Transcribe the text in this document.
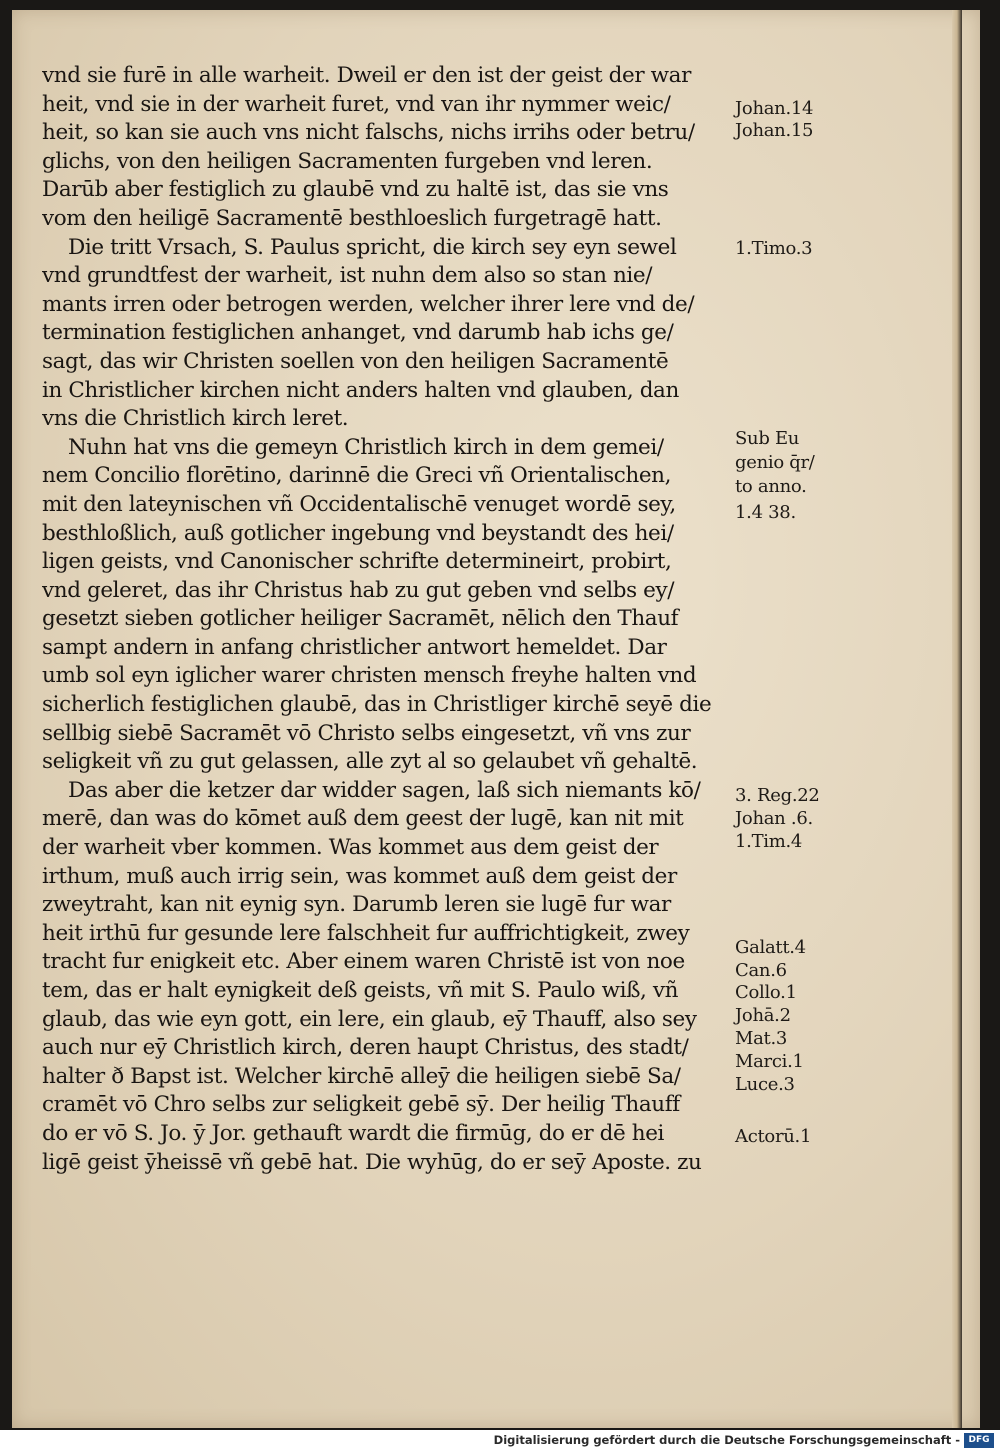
vnd sie furē in alle warheit. Dweil er den ist der geist der war
heit, vnd sie in der warheit furet, vnd van ihr nymmer weic/
heit, so kan sie auch vns nicht falschs, nichs irrihs oder betru/
glichs, von den heiligen Sacramenten furgeben vnd leren.
Darūb aber festiglich zu glaubē vnd zu haltē ist, das sie vns
vom den heiligē Sacramentē besthloeslich furgetragē hatt.
Die tritt Vrsach, S. Paulus spricht, die kirch sey eyn sewel
vnd grundtfest der warheit, ist nuhn dem also so stan nie/
mants irren oder betrogen werden, welcher ihrer lere vnd de/
termination festiglichen anhanget, vnd darumb hab ichs ge/
sagt, das wir Christen soellen von den heiligen Sacramentē
in Christlicher kirchen nicht anders halten vnd glauben, dan
vns die Christlich kirch leret.
Nuhn hat vns die gemeyn Christlich kirch in dem gemei/
nem Concilio florētino, darinnē die Greci vñ Orientalischen,
mit den lateynischen vñ Occidentalischē venuget wordē sey,
besthloßlich, auß gotlicher ingebung vnd beystandt des hei/
ligen geists, vnd Canonischer schrifte determineirt, probirt,
vnd geleret, das ihr Christus hab zu gut geben vnd selbs ey/
gesetzt sieben gotlicher heiliger Sacramēt, nēlich den Thauf
sampt andern in anfang christlicher antwort hemeldet. Dar
umb sol eyn iglicher warer christen mensch freyhe halten vnd
sicherlich festiglichen glaubē, das in Christliger kirchē seyē die
sellbig siebē Sacramēt vō Christo selbs eingesetzt, vñ vns zur
seligkeit vñ zu gut gelassen, alle zyt al so gelaubet vñ gehaltē.
Das aber die ketzer dar widder sagen, laß sich niemants kō/
merē, dan was do kōmet auß dem geest der lugē, kan nit mit
der warheit vber kommen. Was kommet aus dem geist der
irthum, muß auch irrig sein, was kommet auß dem geist der
zweytraht, kan nit eynig syn. Darumb leren sie lugē fur war
heit irthū fur gesunde lere falschheit fur auffrichtigkeit, zwey
tracht fur enigkeit etc. Aber einem waren Christē ist von noe
tem, das er halt eynigkeit deß geists, vñ mit S. Paulo wiß, vñ
glaub, das wie eyn gott, ein lere, ein glaub, eȳ Thauff, also sey
auch nur eȳ Christlich kirch, deren haupt Christus, des stadt/
halter ð Bapst ist. Welcher kirchē alleȳ die heiligen siebē Sa/
cramēt vō Chro selbs zur seligkeit gebē sȳ. Der heilig Thauff
do er vō S. Jo. ȳ Jor. gethauft wardt die firmūg, do er dē hei
ligē geist ȳheissē vñ gebē hat. Die wyhūg, do er seȳ Aposte. zu
Johan.14
Johan.15
1.Timo.3
Sub Eu
genio q̄r/
to anno.
1.4 38.
3. Reg.22
Johan .6.
1.Tim.4
Galatt.4
Can.6
Collo.1
Johā.2
Mat.3
Marci.1
Luce.3
Actorū.1
Digitalisierung gefördert durch die Deutsche Forschungsgemeinschaft - DFG
